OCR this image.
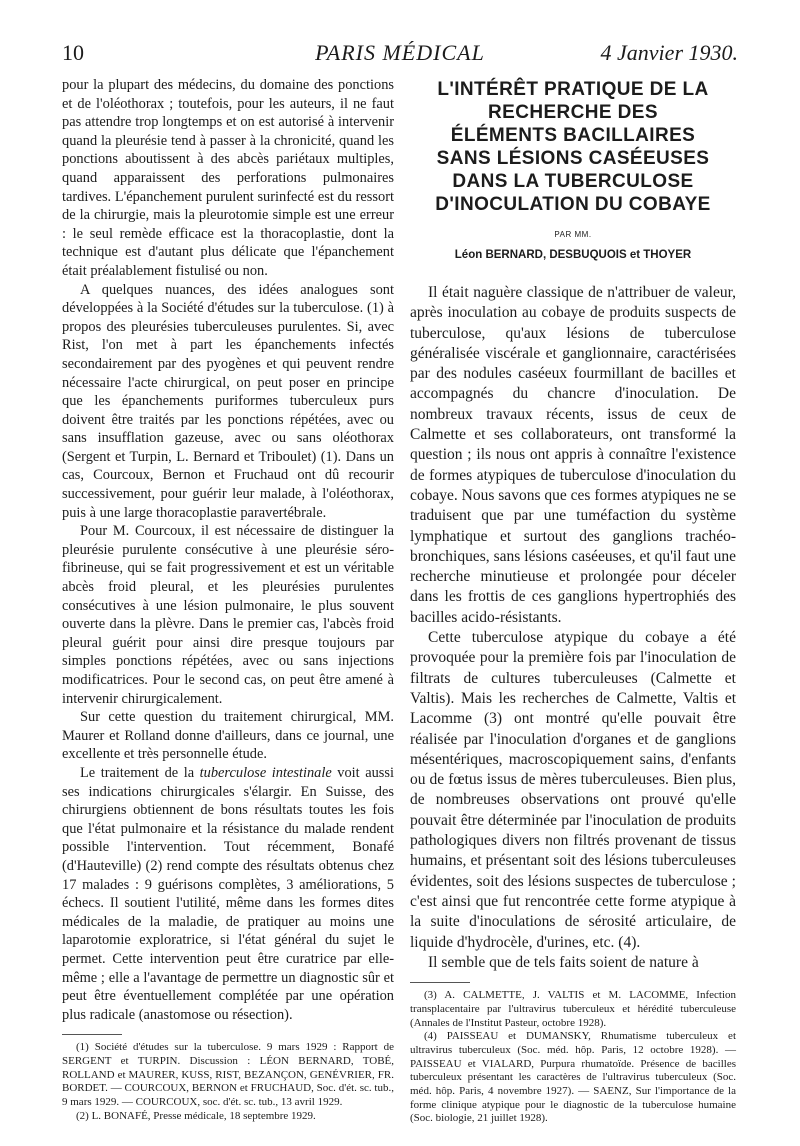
10	PARIS MÉDICAL	4 Janvier 1930.

pour la plupart des médecins, du domaine des ponctions et de l'oléothorax ; toutefois, pour les auteurs, il ne faut pas attendre trop longtemps et on est autorisé à intervenir quand la pleurésie tend à passer à la chronicité, quand les ponctions aboutissent à des abcès pariétaux multiples, quand apparaissent des perforations pulmonaires tardives. L'épanchement purulent surinfecté est du ressort de la chirurgie, mais la pleurotomie simple est une erreur : le seul remède efficace est la thoracoplastie, dont la technique est d'autant plus délicate que l'épanchement était préalablement fistulisé ou non.

A quelques nuances, des idées analogues sont développées à la Société d'études sur la tuberculose. (1) à propos des pleurésies tuberculeuses purulentes. Si, avec Rist, l'on met à part les épanchements infectés secondairement par des pyogènes et qui peuvent rendre nécessaire l'acte chirurgical, on peut poser en principe que les épanchements puriformes tuberculeux purs doivent être traités par les ponctions répétées, avec ou sans insufflation gazeuse, avec ou sans oléothorax (Sergent et Turpin, L. Bernard et Triboulet) (1). Dans un cas, Courcoux, Bernon et Fruchaud ont dû recourir successivement, pour guérir leur malade, à l'oléothorax, puis à une large thoracoplastie paravertébrale.

Pour M. Courcoux, il est nécessaire de distinguer la pleurésie purulente consécutive à une pleurésie séro-fibrineuse, qui se fait progressivement et est un véritable abcès froid pleural, et les pleurésies purulentes consécutives à une lésion pulmonaire, le plus souvent ouverte dans la plèvre. Dans le premier cas, l'abcès froid pleural guérit pour ainsi dire presque toujours par simples ponctions répétées, avec ou sans injections modificatrices. Pour le second cas, on peut être amené à intervenir chirurgicalement.

Sur cette question du traitement chirurgical, MM. Maurer et Rolland donne d'ailleurs, dans ce journal, une excellente et très personnelle étude.

Le traitement de la tuberculose intestinale voit aussi ses indications chirurgicales s'élargir. En Suisse, des chirurgiens obtiennent de bons résultats toutes les fois que l'état pulmonaire et la résistance du malade rendent possible l'intervention. Tout récemment, Bonafé (d'Hauteville) (2) rend compte des résultats obtenus chez 17 malades : 9 guérisons complètes, 3 améliorations, 5 échecs. Il soutient l'utilité, même dans les formes dites médicales de la maladie, de pratiquer au moins une laparotomie exploratrice, si l'état général du sujet le permet. Cette intervention peut être curatrice par elle-même ; elle a l'avantage de permettre un diagnostic sûr et peut être éventuellement complétée par une opération plus radicale (anastomose ou résection).

(1) Société d'études sur la tuberculose. 9 mars 1929 : Rapport de SERGENT et TURPIN. Discussion : LÉON BERNARD, TOBÉ, ROLLAND et MAURER, KUSS, RIST, BEZANÇON, GENÉVRIER, FR. BORDET. — COURCOUX, BERNON et FRUCHAUD, Soc. d'ét. sc. tub., 9 mars 1929. — COURCOUX, soc. d'ét. sc. tub., 13 avril 1929.

(2) L. BONAFÉ, Presse médicale, 18 septembre 1929.

L'INTÉRÊT PRATIQUE DE LA
RECHERCHE DES
ÉLÉMENTS BACILLAIRES
SANS LÉSIONS CASÉEUSES
DANS LA TUBERCULOSE
D'INOCULATION DU COBAYE
PAR MM.
Léon BERNARD, DESBUQUOIS et THOYER

Il était naguère classique de n'attribuer de valeur, après inoculation au cobaye de produits suspects de tuberculose, qu'aux lésions de tuberculose généralisée viscérale et ganglionnaire, caractérisées par des nodules caséeux fourmillant de bacilles et accompagnés du chancre d'inoculation. De nombreux travaux récents, issus de ceux de Calmette et ses collaborateurs, ont transformé la question ; ils nous ont appris à connaître l'existence de formes atypiques de tuberculose d'inoculation du cobaye. Nous savons que ces formes atypiques ne se traduisent que par une tuméfaction du système lymphatique et surtout des ganglions trachéo-bronchiques, sans lésions caséeuses, et qu'il faut une recherche minutieuse et prolongée pour déceler dans les frottis de ces ganglions hypertrophiés des bacilles acido-résistants.

Cette tuberculose atypique du cobaye a été provoquée pour la première fois par l'inoculation de filtrats de cultures tuberculeuses (Calmette et Valtis). Mais les recherches de Calmette, Valtis et Lacomme (3) ont montré qu'elle pouvait être réalisée par l'inoculation d'organes et de ganglions mésentériques, macroscopiquement sains, d'enfants ou de fœtus issus de mères tuberculeuses. Bien plus, de nombreuses observations ont prouvé qu'elle pouvait être déterminée par l'inoculation de produits pathologiques divers non filtrés provenant de tissus humains, et présentant soit des lésions tuberculeuses évidentes, soit des lésions suspectes de tuberculose ; c'est ainsi que fut rencontrée cette forme atypique à la suite d'inoculations de sérosité articulaire, de liquide d'hydrocèle, d'urines, etc. (4).

Il semble que de tels faits soient de nature à

(3) A. CALMETTE, J. VALTIS et M. LACOMME, Infection transplacentaire par l'ultravirus tuberculeux et hérédité tuberculeuse (Annales de l'Institut Pasteur, octobre 1928).

(4) PAISSEAU et DUMANSKY, Rhumatisme tuberculeux et ultravirus tuberculeux (Soc. méd. hôp. Paris, 12 octobre 1928). — PAISSEAU et VIALARD, Purpura rhumatoïde. Présence de bacilles tuberculeux présentant les caractères de l'ultravirus tuberculeux (Soc. méd. hôp. Paris, 4 novembre 1927). — SAENZ, Sur l'importance de la forme clinique atypique pour le diagnostic de la tuberculose humaine (Soc. biologie, 21 juillet 1928).
